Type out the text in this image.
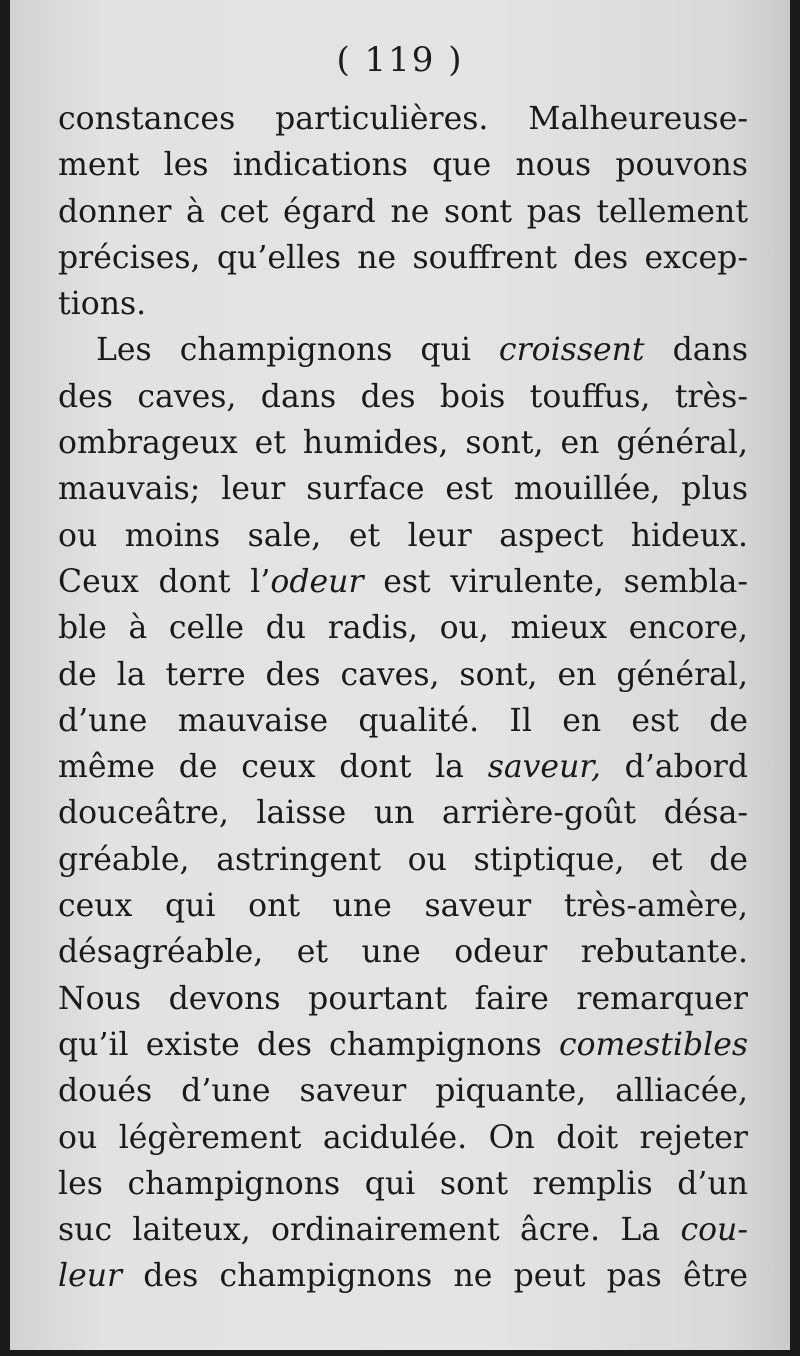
( 119 )
constances particulières. Malheureuse-
ment les indications que nous pouvons
donner à cet égard ne sont pas tellement
précises, qu’elles ne souffrent des excep-
tions.
Les champignons qui croissent dans
des caves, dans des bois touffus, très-
ombrageux et humides, sont, en général,
mauvais; leur surface est mouillée, plus
ou moins sale, et leur aspect hideux.
Ceux dont l’odeur est virulente, sembla-
ble à celle du radis, ou, mieux encore,
de la terre des caves, sont, en général,
d’une mauvaise qualité. Il en est de
même de ceux dont la saveur, d’abord
douceâtre, laisse un arrière-goût désa-
gréable, astringent ou stiptique, et de
ceux qui ont une saveur très-amère,
désagréable, et une odeur rebutante.
Nous devons pourtant faire remarquer
qu’il existe des champignons comestibles
doués d’une saveur piquante, alliacée,
ou légèrement acidulée. On doit rejeter
les champignons qui sont remplis d’un
suc laiteux, ordinairement âcre. La cou-
leur des champignons ne peut pas être
